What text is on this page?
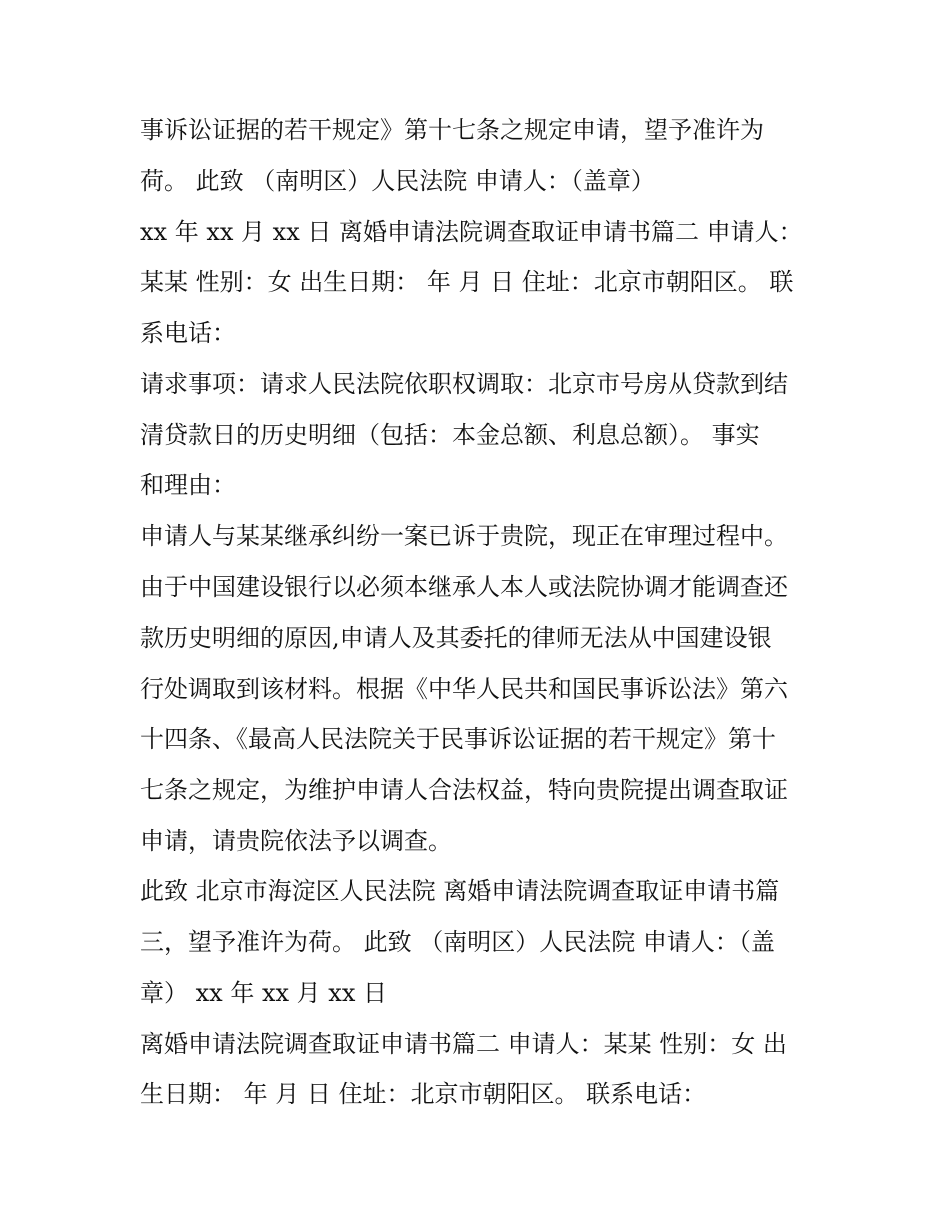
事诉讼证据的若干规定》第十七条之规定申请，望予准许为
荷。 此致 （南明区）人民法院 申请人：（盖章）
xx 年 xx 月 xx 日 离婚申请法院调查取证申请书篇二 申请人：
某某 性别：女 出生日期： 年 月 日 住址：北京市朝阳区。 联
系电话：
请求事项：请求人民法院依职权调取：北京市号房从贷款到结
清贷款日的历史明细（包括：本金总额、利息总额）。 事实
和理由：
申请人与某某继承纠纷一案已诉于贵院，现正在审理过程中。
由于中国建设银行以必须本继承人本人或法院协调才能调查还
款历史明细的原因,申请人及其委托的律师无法从中国建设银
行处调取到该材料。根据《中华人民共和国民事诉讼法》第六
十四条、《最高人民法院关于民事诉讼证据的若干规定》第十
七条之规定，为维护申请人合法权益，特向贵院提出调查取证
申请，请贵院依法予以调查。
此致 北京市海淀区人民法院 离婚申请法院调查取证申请书篇
三，望予准许为荷。 此致 （南明区）人民法院 申请人：（盖
章） xx 年 xx 月 xx 日
离婚申请法院调查取证申请书篇二 申请人：某某 性别：女 出
生日期： 年 月 日 住址：北京市朝阳区。 联系电话：
